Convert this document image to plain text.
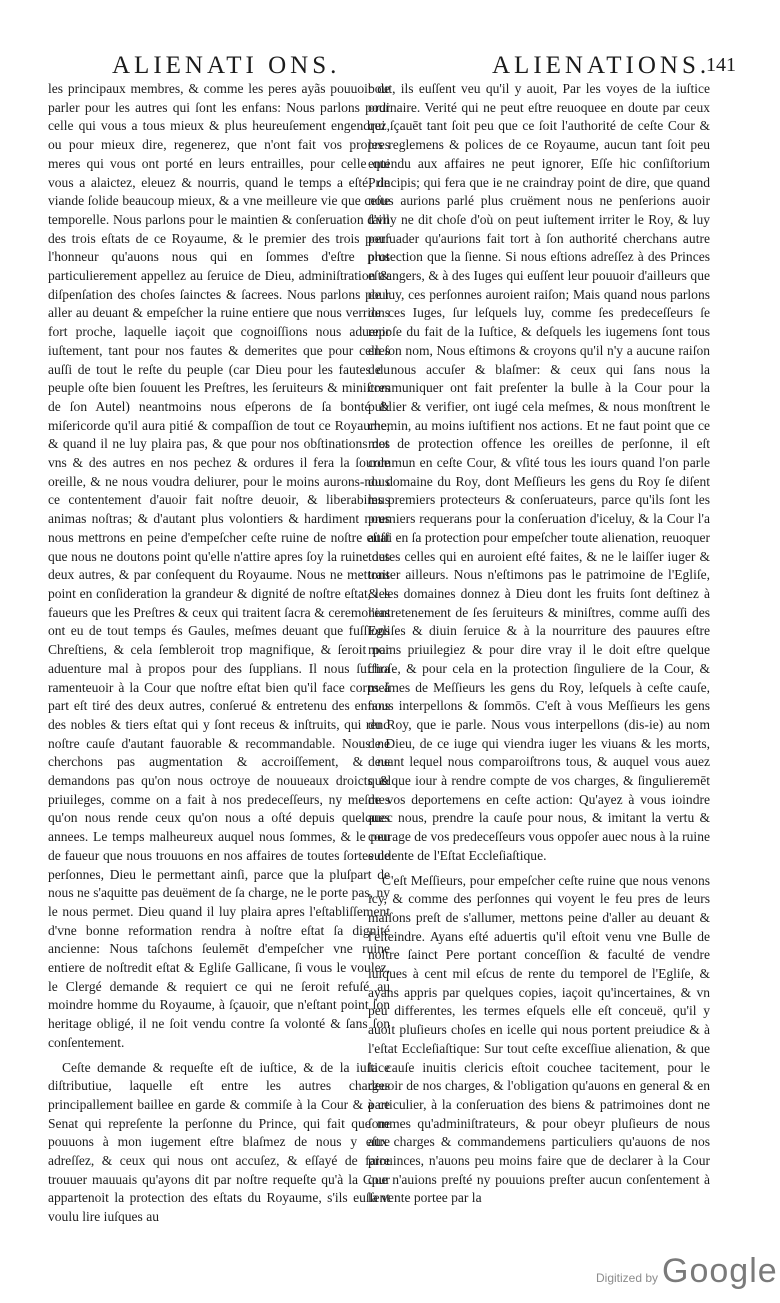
ALIENATI ONS.	ALIENATIONS.
141

les principaux membres, & comme les peres ayãs pouuoir de parler pour les autres qui ſont les enfans: Nous parlons pour celle qui vous a tous mieux & plus heureuſement engendrez, ou pour mieux dire, regenerez, que n'ont fait vos propres meres qui vous ont porté en leurs entrailles, pour celle qui vous a alaictez, eleuez & nourris, quand le temps a eſté, de viande ſolide beaucoup mieux, & a vne meilleure vie que ceſte temporelle. Nous parlons pour le maintien & conſeruation d'vn des trois eſtats de ce Royaume, & le premier des trois pour l'honneur qu'auons nous qui en ſommes d'eſtre plus particulierement appellez au ſeruice de Dieu, adminiſtration & diſpenſation des choſes ſainctes & ſacrees. Nous parlons pour aller au deuant & empeſcher la ruine entiere que nous verrions fort proche, laquelle iaçoit que cognoiſſions nous aduenir iuſtement, tant pour nos fautes & demerites que pour celles auſſi de tout le reſte du peuple (car Dieu pour les fautes du peuple oſte bien ſouuent les Preſtres, les ſeruiteurs & miniſtres de ſon Autel) neantmoins nous eſperons de ſa bonté & miſericorde qu'il aura pitié & compaſſion de tout ce Royaume, & quand il ne luy plaira pas, & que pour nos obſtinations des vns & des autres en nos pechez & ordures il fera la ſourde oreille, & ne nous voudra deliurer, pour le moins aurons-nous ce contentement d'auoir fait noſtre deuoir, & liberabimus animas noſtras; & d'autant plus volontiers & hardiment nous nous mettrons en peine d'empeſcher ceſte ruine de noſtre eſtat que nous ne doutons point qu'elle n'attire apres ſoy la ruine des deux autres, & par conſequent du Royaume. Nous ne mettons point en conſideration la grandeur & dignité de noſtre eſtat, les faueurs que les Preſtres & ceux qui traitent ſacra & ceremonias ont eu de tout temps és Gaules, meſmes deuant que fuſſions Chreſtiens, & cela ſembleroit trop magnifique, & ſeroit par aduenture mal à propos pour des ſupplians. Il nous ſuffira ramenteuoir à la Cour que noſtre eſtat bien qu'il face corps à part eſt tiré des deux autres, conſerué & entretenu des enfans des nobles & tiers eſtat qui y ſont receus & inſtruits, qui rend noſtre cauſe d'autant fauorable & recommandable. Nous ne cherchons pas augmentation & accroiſſement, & ne demandons pas qu'on nous octroye de nouueaux droicts & priuileges, comme on a fait à nos predeceſſeurs, ny meſmes qu'on nous rende ceux qu'on nous a oſté depuis quelques annees. Le temps malheureux auquel nous ſommes, & le peu de faueur que nous trouuons en nos affaires de toutes ſortes de perſonnes, Dieu le permettant ainſi, parce que la pluſpart de nous ne s'aquitte pas deuëment de ſa charge, ne le porte pas, ny le nous permet. Dieu quand il luy plaira apres l'eſtabliſſement d'vne bonne reformation rendra à noſtre eſtat ſa dignité ancienne: Nous taſchons ſeulemēt d'empeſcher vne ruine entiere de noſtredit eſtat & Egliſe Gallicane, ſi vous le voulez, le Clergé demande & requiert ce qui ne ſeroit refuſé au moindre homme du Royaume, à ſçauoir, que n'eſtant point ſon heritage obligé, il ne ſoit vendu contre ſa volonté & ſans ſon conſentement.

Ceſte demande & requeſte eſt de iuſtice, & de la iuſtice diſtributiue, laquelle eſt entre les autres charges principallement baillee en garde & commiſe à la Cour & à ce Senat qui repreſente la perſonne du Prince, qui fait que ne pouuons à mon iugement eſtre blaſmez de nous y eſtre adreſſez, & ceux qui nous ont accuſez, & eſſayé de faire trouuer mauuais qu'ayons dit par noſtre requeſte qu'à la Cour appartenoit la protection des eſtats du Royaume, s'ils euſſent voulu lire iuſques au

bout, ils euſſent veu qu'il y auoit, Par les voyes de la iuſtice ordinaire. Verité qui ne peut eſtre reuoquee en doute par ceux qui ſçauēt tant ſoit peu que ce ſoit l'authorité de ceſte Cour & les reglemens & polices de ce Royaume, aucun tant ſoit peu entendu aux affaires ne peut ignorer, Eſſe hic conſiſtorium Principis; qui fera que ie ne craindray point de dire, que quand nous aurions parlé plus cruëment nous ne penſerions auoir failly ne dit choſe d'où on peut iuſtement irriter le Roy, & luy perſuader qu'aurions fait tort à ſon authorité cherchans autre protection que la ſienne. Si nous eſtions adreſſez à des Princes eſtrangers, & à des Iuges qui euſſent leur pouuoir d'ailleurs que de luy, ces perſonnes auroient raiſon; Mais quand nous parlons de ces Iuges, ſur leſquels luy, comme ſes predeceſſeurs ſe repoſe du fait de la Iuſtice, & deſquels les iugemens ſont tous en ſon nom, Nous eſtimons & croyons qu'il n'y a aucune raiſon de nous accuſer & blaſmer: & ceux qui ſans nous la communiquer ont fait preſenter la bulle à la Cour pour la publier & verifier, ont iugé cela meſmes, & nous monſtrent le chemin, au moins iuſtifient nos actions. Et ne faut point que ce mot de protection offence les oreilles de perſonne, il eſt commun en ceſte Cour, & vſité tous les iours quand l'on parle du domaine du Roy, dont Meſſieurs les gens du Roy ſe diſent les premiers protecteurs & conſeruateurs, parce qu'ils ſont les premiers requerans pour la conſeruation d'iceluy, & la Cour l'a auſſi en ſa protection pour empeſcher toute alienation, reuoquer toutes celles qui en auroient eſté faites, & ne le laiſſer iuger & traiter ailleurs. Nous n'eſtimons pas le patrimoine de l'Egliſe, & les domaines donnez à Dieu dont les fruits ſont deſtinez à l'entretenement de ſes ſeruiteurs & miniſtres, comme auſſi des Egliſes & diuin ſeruice & à la nourriture des pauures eſtre moins priuilegiez & pour dire vray il le doit eſtre quelque choſe, & pour cela en la protection ſinguliere de la Cour, & meſmes de Meſſieurs les gens du Roy, leſquels à ceſte cauſe, nous interpellons & ſommōs. C'eſt à vous Meſſieurs les gens du Roy, que ie parle. Nous vous interpellons (dis-ie) au nom de Dieu, de ce iuge qui viendra iuger les viuans & les morts, deuant lequel nous comparoiſtrons tous, & auquel vous auez quelque iour à rendre compte de vos charges, & ſingulieremēt de vos deportemens en ceſte action: Qu'ayez à vous ioindre auec nous, prendre la cauſe pour nous, & imitant la vertu & courage de vos predeceſſeurs vous oppoſer auec nous à la ruine euidente de l'Eſtat Eccleſiaſtique.

C'eſt Meſſieurs, pour empeſcher ceſte ruine que nous venons icy, & comme des perſonnes qui voyent le feu pres de leurs maiſons preſt de s'allumer, mettons peine d'aller au deuant & l'eſteindre. Ayans eſté aduertis qu'il eſtoit venu vne Bulle de noſtre ſainct Pere portant conceſſion & faculté de vendre iuſques à cent mil eſcus de rente du temporel de l'Egliſe, & ayans appris par quelques copies, iaçoit qu'incertaines, & vn peu differentes, les termes eſquels elle eſt conceuë, qu'il y auoit pluſieurs choſes en icelle qui nous portent preiudice & à l'eſtat Eccleſiaſtique: Sur tout ceſte exceſſiue alienation, & que la cauſe inuitis clericis eſtoit couchee tacitement, pour le deuoir de nos charges, & l'obligation qu'auons en general & en particulier, à la conſeruation des biens & patrimoines dont ne ſommes qu'adminiſtrateurs, & pour obeyr pluſieurs de nous aux charges & commandemens particuliers qu'auons de nos prouinces, n'auons peu moins faire que de declarer à la Cour que n'auions preſté ny pouuions preſter aucun conſentement à la vente portee par la

Digitized by Google
